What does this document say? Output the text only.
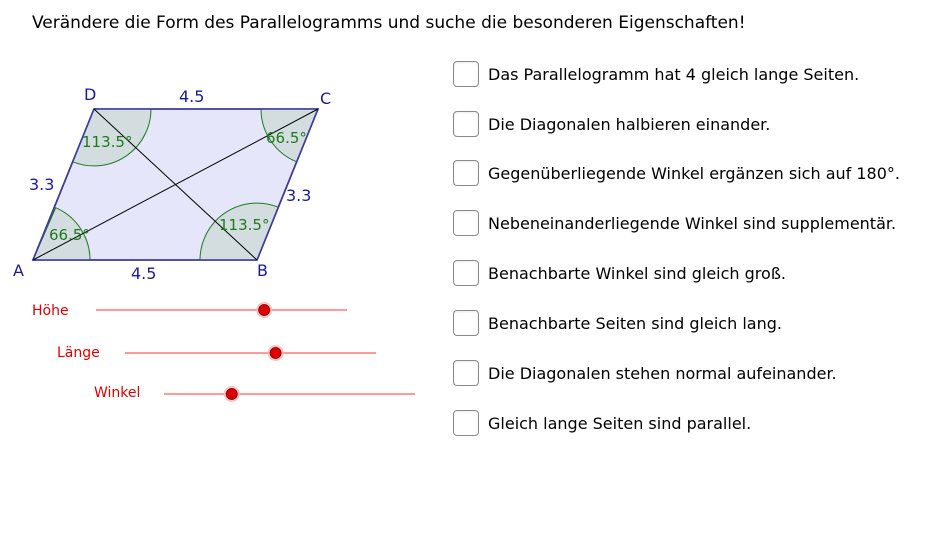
Verändere die Form des Parallelogramms und suche die besonderen Eigenschaften!
66.5°
113.5°
66.5°
113.5°
A	B
C
D
4.5
4.5
3.3
3.3
Höhe
Länge
Winkel
Das Parallelogramm hat 4 gleich lange Seiten.
Die Diagonalen halbieren einander.
Gegenüberliegende Winkel ergänzen sich auf 180°.
Nebeneinanderliegende Winkel sind supplementär.
Benachbarte Winkel sind gleich groß.
Benachbarte Seiten sind gleich lang.
Die Diagonalen stehen normal aufeinander.
Gleich lange Seiten sind parallel.
